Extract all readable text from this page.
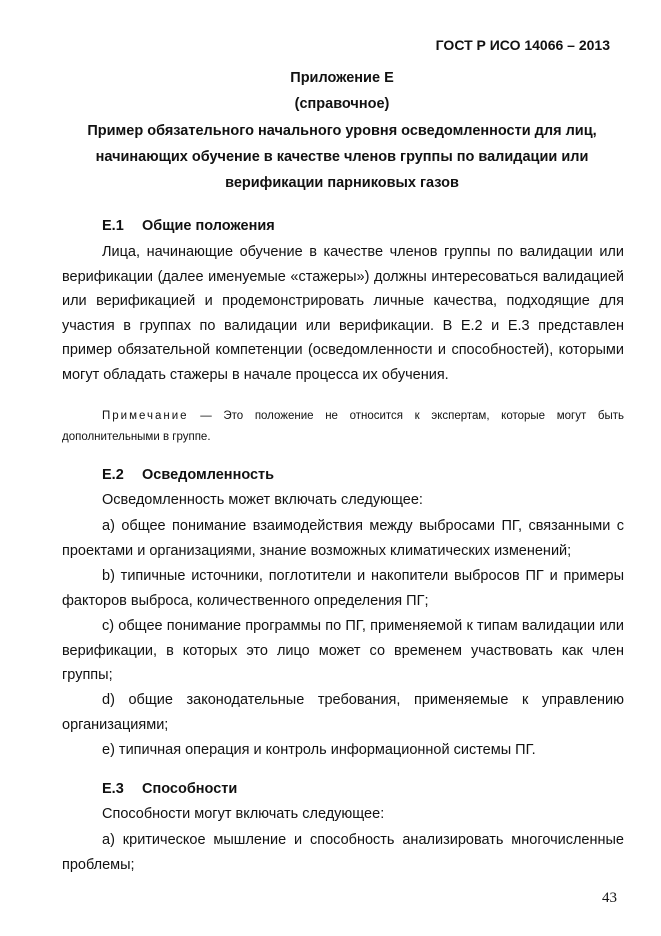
ГОСТ Р ИСО 14066 – 2013
Приложение Е
(справочное)
Пример обязательного начального уровня осведомленности для лиц, начинающих обучение в качестве членов группы по валидации или верификации парниковых газов
Е.1 Общие положения
Лица, начинающие обучение в качестве членов группы по валидации или верификации (далее именуемые «стажеры») должны интересоваться валидацией или верификацией и продемонстрировать личные качества, подходящие для участия в группах по валидации или верификации. В Е.2 и Е.3 представлен пример обязательной компетенции (осведомленности и способностей), которыми могут обладать стажеры в начале процесса их обучения.
Примечание — Это положение не относится к экспертам, которые могут быть дополнительными в группе.
Е.2 Осведомленность
Осведомленность может включать следующее:
а) общее понимание взаимодействия между выбросами ПГ, связанными с проектами и организациями, знание возможных климатических изменений;
b) типичные источники, поглотители и накопители выбросов ПГ и примеры факторов выброса, количественного определения ПГ;
с) общее понимание программы по ПГ, применяемой к типам валидации или верификации, в которых это лицо может со временем участвовать как член группы;
d) общие законодательные требования, применяемые к управлению организациями;
е) типичная операция и контроль информационной системы ПГ.
Е.3 Способности
Способности могут включать следующее:
а) критическое мышление и способность анализировать многочисленные проблемы;
43
